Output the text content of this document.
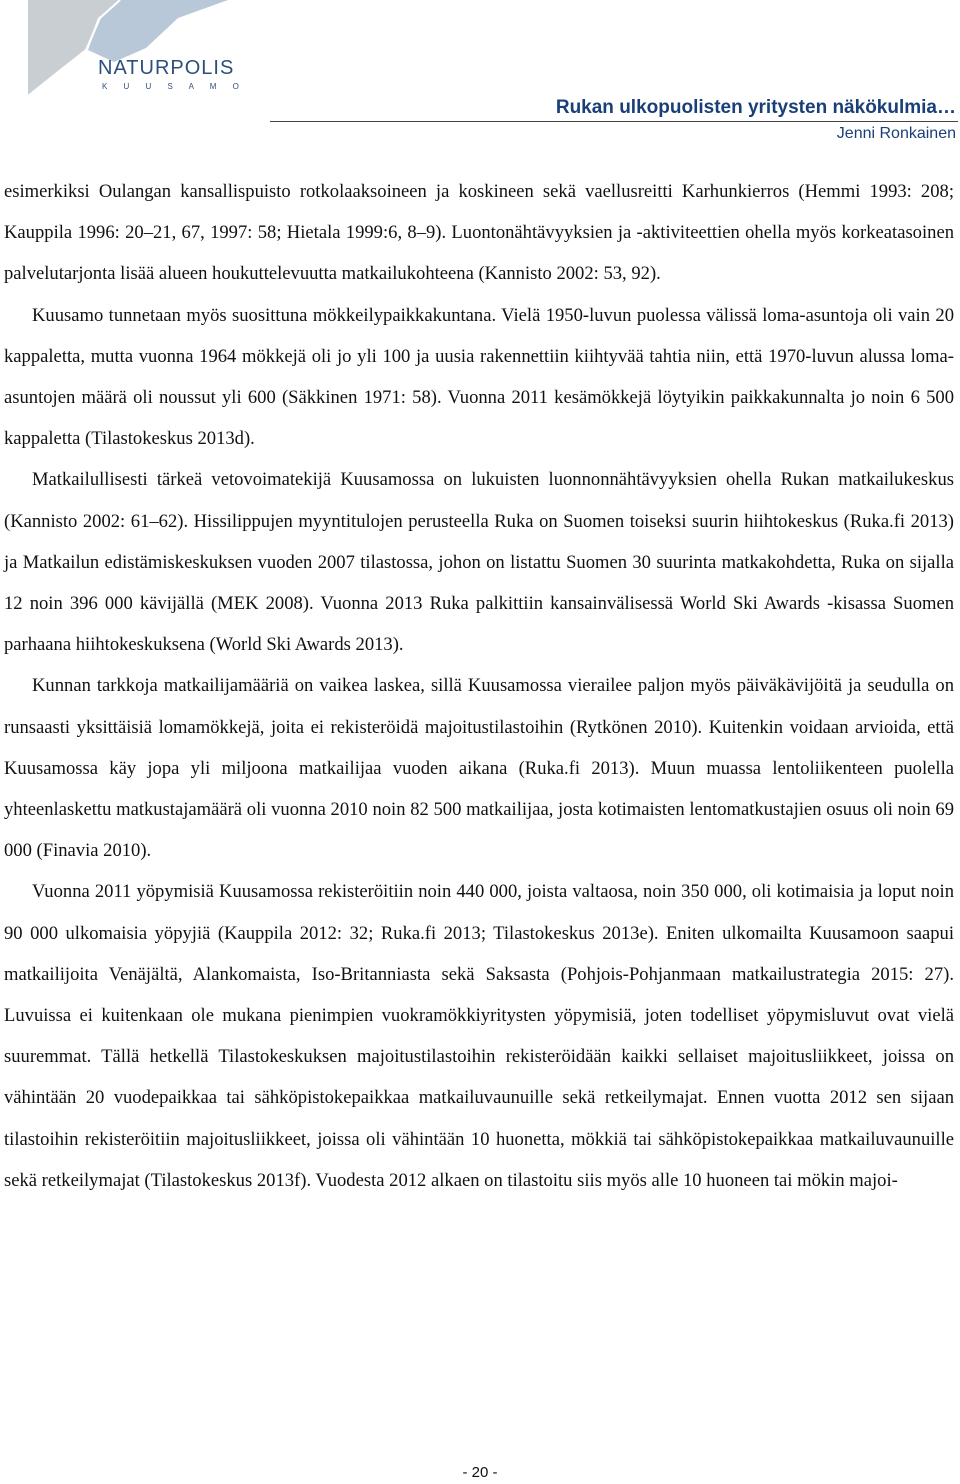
NATURPOLIS
K U U S A M O
Rukan ulkopuolisten yritysten näkökulmia…
Jenni Ronkainen

esimerkiksi Oulangan kansallispuisto rotkolaaksoineen ja koskineen sekä vaellusreitti Karhunkierros (Hemmi 1993: 208; Kauppila 1996: 20–21, 67, 1997: 58; Hietala 1999:6, 8–9). Luontonähtävyyksien ja -aktiviteettien ohella myös korkeatasoinen palvelutarjonta lisää alueen houkuttelevuutta matkailukohteena (Kannisto 2002: 53, 92).

Kuusamo tunnetaan myös suosittuna mökkeilypaikkakuntana. Vielä 1950-luvun puolessa välissä loma-asuntoja oli vain 20 kappaletta, mutta vuonna 1964 mökkejä oli jo yli 100 ja uusia rakennettiin kiihtyvää tahtia niin, että 1970-luvun alussa loma-asuntojen määrä oli noussut yli 600 (Säkkinen 1971: 58). Vuonna 2011 kesämökkejä löytyikin paikkakunnalta jo noin 6 500 kappaletta (Tilastokeskus 2013d).

Matkailullisesti tärkeä vetovoimatekijä Kuusamossa on lukuisten luonnonnähtävyyksien ohella Rukan matkailukeskus (Kannisto 2002: 61–62). Hissilippujen myyntitulojen perusteella Ruka on Suomen toiseksi suurin hiihtokeskus (Ruka.fi 2013) ja Matkailun edistämiskeskuksen vuoden 2007 tilastossa, johon on listattu Suomen 30 suurinta matkakohdetta, Ruka on sijalla 12 noin 396 000 kävijällä (MEK 2008). Vuonna 2013 Ruka palkittiin kansainvälisessä World Ski Awards -kisassa Suomen parhaana hiihtokeskuksena (World Ski Awards 2013).

Kunnan tarkkoja matkailijamääriä on vaikea laskea, sillä Kuusamossa vierailee paljon myös päiväkävijöitä ja seudulla on runsaasti yksittäisiä lomamökkejä, joita ei rekisteröidä majoitustilastoihin (Rytkönen 2010). Kuitenkin voidaan arvioida, että Kuusamossa käy jopa yli miljoona matkailijaa vuoden aikana (Ruka.fi 2013). Muun muassa lentoliikenteen puolella yhteenlaskettu matkustajamäärä oli vuonna 2010 noin 82 500 matkailijaa, josta kotimaisten lentomatkustajien osuus oli noin 69 000 (Finavia 2010).

Vuonna 2011 yöpymisiä Kuusamossa rekisteröitiin noin 440 000, joista valtaosa, noin 350 000, oli kotimaisia ja loput noin 90 000 ulkomaisia yöpyjiä (Kauppila 2012: 32; Ruka.fi 2013; Tilastokeskus 2013e). Eniten ulkomailta Kuusamoon saapui matkailijoita Venäjältä, Alankomaista, Iso-Britanniasta sekä Saksasta (Pohjois-Pohjanmaan matkailustrategia 2015: 27). Luvuissa ei kuitenkaan ole mukana pienimpien vuokramökkiyritysten yöpymisiä, joten todelliset yöpymisluvut ovat vielä suuremmat. Tällä hetkellä Tilastokeskuksen majoitustilastoihin rekisteröidään kaikki sellaiset majoitusliikkeet, joissa on vähintään 20 vuodepaikkaa tai sähköpistokepaikkaa matkailuvaunuille sekä retkeilymajat. Ennen vuotta 2012 sen sijaan tilastoihin rekisteröitiin majoitusliikkeet, joissa oli vähintään 10 huonetta, mökkiä tai sähköpistokepaikkaa matkailuvaunuille sekä retkeilymajat (Tilastokeskus 2013f). Vuodesta 2012 alkaen on tilastoitu siis myös alle 10 huoneen tai mökin majoi-

- 20 -
